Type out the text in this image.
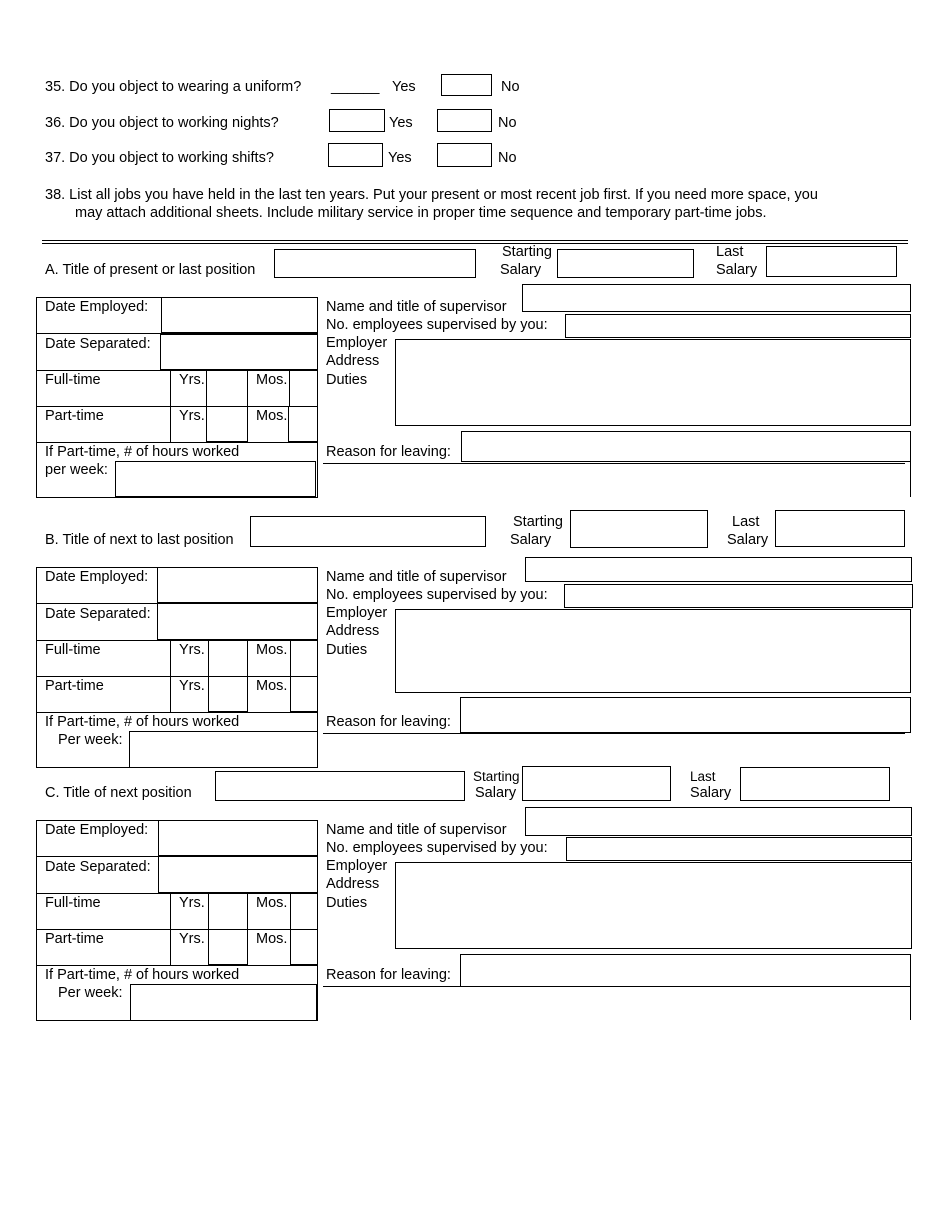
35. Do you object to wearing a uniform? ______ Yes	No
36. Do you object to working nights?	Yes	No
37. Do you object to working shifts?	Yes	No
38. List all jobs you have held in the last ten years. Put your present or most recent job first. If you need more space, you
may attach additional sheets. Include military service in proper time sequence and temporary part-time jobs.
A. Title of present or last position
Starting
Salary
Last
Salary
Date Employed:
Date Separated:
Full-time	Yrs.	Mos.
Part-time	Yrs.	Mos.
If Part-time, # of hours worked
per week:
Name and title of supervisor
No. employees supervised by you:
Employer
Address
Duties
Reason for leaving:
B. Title of next to last position
Starting
Salary
Last
Salary
Date Employed:
Date Separated:
Full-time	Yrs.	Mos.
Part-time	Yrs.	Mos.
If Part-time, # of hours worked
Per week:
Name and title of supervisor
No. employees supervised by you:
Employer
Address
Duties
Reason for leaving:
C. Title of next position
Starting
Salary
Last
Salary
Date Employed:
Date Separated:
Full-time	Yrs.	Mos.
Part-time	Yrs.	Mos.
If Part-time, # of hours worked
Per week:
Name and title of supervisor
No. employees supervised by you:
Employer
Address
Duties
Reason for leaving:
